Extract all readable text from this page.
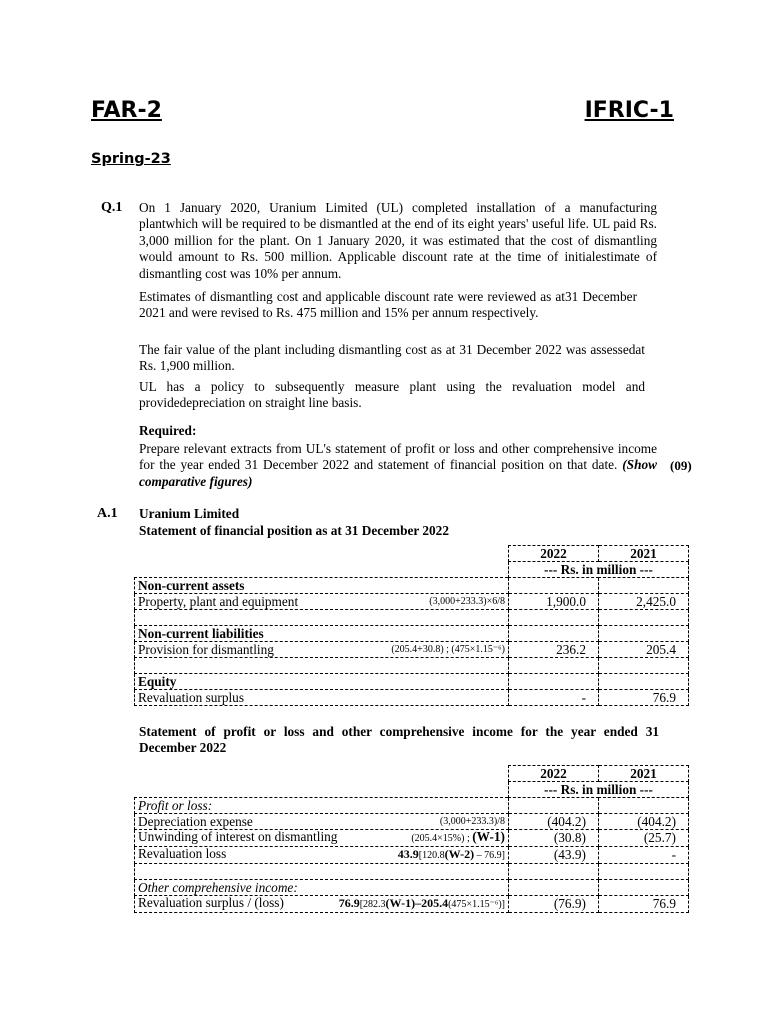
FAR-2	IFRIC-1
Spring-23
Q.1 On 1 January 2020, Uranium Limited (UL) completed installation of a manufacturing plantwhich will be required to be dismantled at the end of its eight years' useful life. UL paid Rs. 3,000 million for the plant. On 1 January 2020, it was estimated that the cost of dismantling would amount to Rs. 500 million. Applicable discount rate at the time of initialestimate of dismantling cost was 10% per annum.

Estimates of dismantling cost and applicable discount rate were reviewed as at31 December 2021 and were revised to Rs. 475 million and 15% per annum respectively.

The fair value of the plant including dismantling cost as at 31 December 2022 was assessedat Rs. 1,900 million.

UL has a policy to subsequently measure plant using the revaluation model and providedepreciation on straight line basis.

Required:
Prepare relevant extracts from UL's statement of profit or loss and other comprehensive income for the year ended 31 December 2022 and statement of financial position on that date. (Show comparative figures)
(09)
A.1 Uranium Limited
Statement of financial position as at 31 December 2022
	2022	2021
	--- Rs. in million ---	
Non-current assets		
Property, plant and equipment (3,000+233.3)×6/8	1,900.0	2,425.0

Non-current liabilities		
Provision for dismantling (205.4+30.8) ; (475×1.15⁻⁶)	236.2	205.4

Equity		
Revaluation surplus	-	76.9
Statement of profit or loss and other comprehensive income for the year ended 31 December 2022
	2022	2021
	--- Rs. in million ---	
Profit or loss:		
Depreciation expense (3,000+233.3)/8	(404.2)	(404.2)
Unwinding of interest on dismantling (205.4×15%) ; (W-1)	(30.8)	(25.7)
Revaluation loss 43.9[120.8(W-2) – 76.9]	(43.9)	-

Other comprehensive income:		
Revaluation surplus / (loss) 76.9[282.3(W-1)–205.4(475×1.15⁻⁶)]	(76.9)	76.9
